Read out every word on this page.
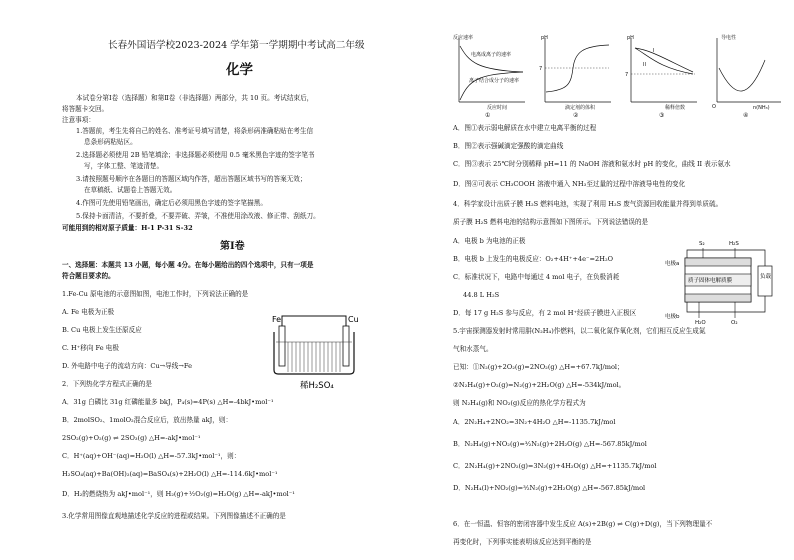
长春外国语学校2023-2024 学年第一学期期中考试高二年级
化学
本试卷分第Ⅰ卷（选择题）和第Ⅱ卷（非选择题）两部分，共 10 页。考试结束后，
将答题卡交回。
注意事项：
1.答题前，考生先将自己的姓名、准考证号填写清楚，将条形码准确粘贴在考生信
息条形码粘贴区。
2.选择题必须使用 2B 铅笔填涂；非选择题必须使用 0.5 毫米黑色字迹的签字笔书
写，字体工整、笔迹清楚。
3.请按照题号顺序在各题目的答题区域内作答，超出答题区域书写的答案无效；
在草稿纸、试题卷上答题无效。
4.作图可先使用铅笔画出，确定后必须用黑色字迹的签字笔描黑。
5.保持卡面清洁，不要折叠，不要弄破、弄皱，不准使用涂改液、修正带、刮纸刀。
可能用到的相对原子质量：H-1 P-31 S-32
第Ⅰ卷
一、选择题：本题共 13 小题，每小题 4分。在每小题给出的四个选项中，只有一项是
符合题目要求的。
1.Fe-Cu 原电池的示意图如图，电池工作时，下列说法正确的是
A. Fe 电极为正极
B. Cu 电极上发生还原反应
C. H⁺移向 Fe 电极
D. 外电路中电子的流动方向：Cu→导线→Fe
Fe	Cu
稀H₂SO₄
2．下列热化学方程式正确的是
A．31g 白磷比 31g 红磷能量多 bkJ，P₄(s)=4P(s) △H=-4bkJ•mol⁻¹
B．2molSO₂、1molO₂混合反应后，放出热量 akJ，则：
2SO₂(g)+O₂(g) ⇌ 2SO₃(g) △H=-akJ•mol⁻¹
C．H⁺(aq)+OH⁻(aq)=H₂O(l) △H=-57.3kJ•mol⁻¹，则：
H₂SO₄(aq)+Ba(OH)₂(aq)=BaSO₄(s)+2H₂O(l) △H=-114.6kJ•mol⁻¹
D．H₂的燃烧热为 akJ•mol⁻¹，则 H₂(g)+½O₂(g)=H₂O(g) △H=-akJ•mol⁻¹
3.化学常用图像直观地描述化学反应的进程或结果。下列图像描述不正确的是
反应速率
电离成离子的速率
离子结合成分子的速率
反应时间
①
pH
7
滴定剂的体积
②
pH
7
I
II
稀释倍数
③
导电性
O	n(NH₃)
④
A．图①表示弱电解质在水中建立电离平衡的过程
B．图②表示强碱滴定强酸的滴定曲线
C．图③表示 25℃时分别稀释 pH=11 的 NaOH 溶液和氨水时 pH 的变化，曲线 II 表示氨水
D．图④可表示 CH₃COOH 溶液中通入 NH₃至过量的过程中溶液导电性的变化
4．科学家设计出质子膜 H₂S 燃料电池，实现了利用 H₂S 废气资源回收能量并得到单质硫。
质子膜 H₂S 燃料电池的结构示意图如下图所示。下列说法错误的是
A．电极 b 为电池的正极
B．电极 b 上发生的电极反应：O₂+4H⁺+4e⁻=2H₂O
C．标准状况下，电路中每通过 4 mol 电子，在负极消耗
44.8 L H₂S
D．每 17 g H₂S 参与反应，有 2 mol H⁺经质子膜进入正极区
S₂	H₂S
电极a
电极b
H₂O	O₂
负载
质子固体电解质膜
5.宇宙探测器发射时常用肼(N₂H₄)作燃料，以二氧化氮作氧化剂，它们相互反应生成氮
气和水蒸气。
已知：①N₂(g)+2O₂(g)=2NO₂(g) △H=+67.7kJ/mol；
②N₂H₄(g)+O₂(g)=N₂(g)+2H₂O(g) △H=-534kJ/mol。
则 N₂H₄(g)和 NO₂(g)反应的热化学方程式为
A．2N₂H₄+2NO₂=3N₂+4H₂O △H=-1135.7kJ/mol
B．N₂H₄(g)+NO₂(g)=³⁄₂N₂(g)+2H₂O(g) △H=-567.85kJ/mol
C．2N₂H₄(g)+2NO₂(g)=3N₂(g)+4H₂O(g) △H=+1135.7kJ/mol
D．N₂H₄(l)+NO₂(g)=³⁄₂N₂(g)+2H₂O(g) △H=-567.85kJ/mol
6．在一恒温、恒容的密闭容器中发生反应 A(s)+2B(g) ⇌ C(g)+D(g)，当下列物理量不
再变化时，下列事实能表明该反应达到平衡的是
